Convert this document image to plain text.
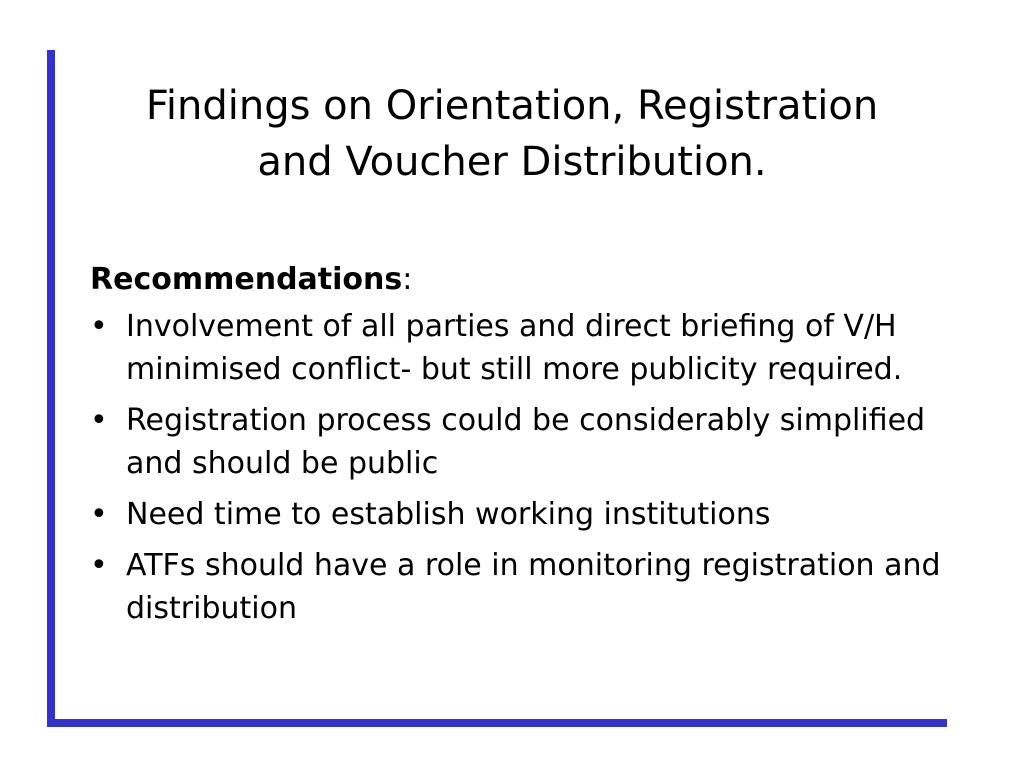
Findings on Orientation, Registration
and Voucher Distribution.

Recommendations:

• Involvement of all parties and direct briefing of V/H minimised conflict- but still more publicity required.
• Registration process could be considerably simplified and should be public
• Need time to establish working institutions
• ATFs should have a role in monitoring registration and distribution
